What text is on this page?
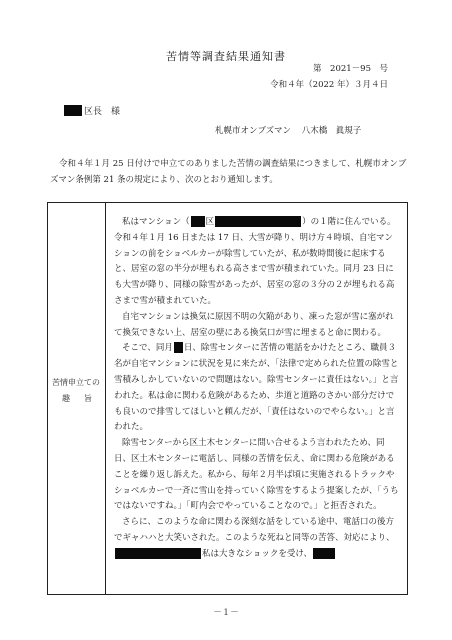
苦情等調査結果通知書
第　2021－95　号
令和４年（2022 年）３月４日
区長　様
札幌市オンブズマン 八木橋　眞規子
令和４年１月 25 日付けで申立てのありました苦情の調査結果につきまして、札幌市オンブズマン条例第 21 条の規定により、次のとおり通知します。
苦情申立ての
趣旨

私はマンション（ 区	）の１階に住んでいる。令和４年１月 16 日または 17 日、大雪が降り、明け方４時頃、自宅マンションの前をショベルカーが除雪していたが、私が数時間後に起床すると、居室の窓の半分が埋もれる高さまで雪が積まれていた。同月 23 日にも大雪が降り、同様の除雪があったが、居室の窓の３分の２が埋もれる高さまで雪が積まれていた。

自宅マンションは換気に原因不明の欠陥があり、凍った窓が雪に塞がれて換気できない上、居室の壁にある換気口が雪に埋まると命に関わる。

そこで、同月 日、除雪センターに苦情の電話をかけたところ、職員３名が自宅マンションに状況を見に来たが、「法律で定められた位置の除雪と雪積みしかしていないので問題はない。除雪センターに責任はない。」と言われた。私は命に関わる危険があるため、歩道と道路のさかい部分だけでも良いので排雪してほしいと頼んだが、「責任はないのでやらない。」と言われた。

除雪センターから区土木センターに問い合せるよう言われたため、同日、区土木センターに電話し、同様の苦情を伝え、命に関わる危険があることを繰り返し訴えた。私から、毎年２月半ば頃に実施されるトラックやショベルカーで一斉に雪山を持っていく除雪をするよう提案したが、「うちではないですね。」「町内会でやっていることなので。」と拒否された。

さらに、このような命に関わる深刻な話をしている途中、電話口の後方でギャハハと大笑いされた。このような死ねと同等の苦答、対応により、私は大きなショックを受け、

－１－
